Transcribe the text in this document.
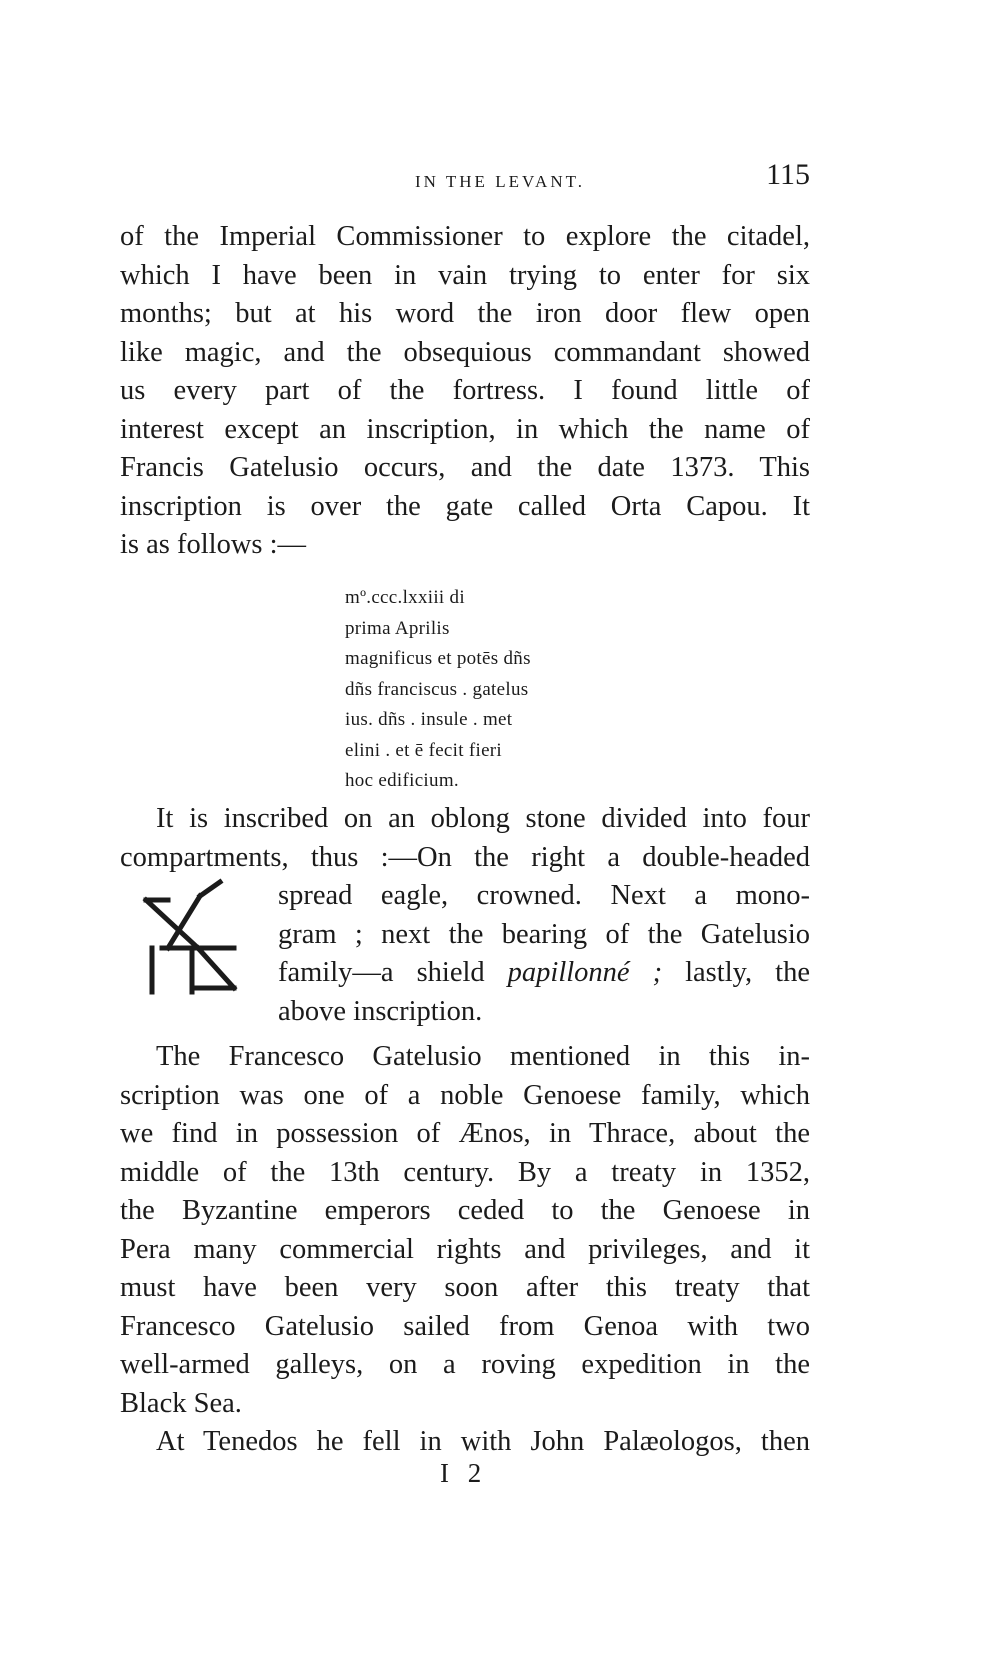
IN THE LEVANT.	115
of the Imperial Commissioner to explore the citadel,
which I have been in vain trying to enter for six
months; but at his word the iron door flew open
like magic, and the obsequious commandant showed
us every part of the fortress. I found little of
interest except an inscription, in which the name of
Francis Gatelusio occurs, and the date 1373. This
inscription is over the gate called Orta Capou. It
is as follows :—
mº.ccc.lxxiii di
prima Aprilis
magnificus et potēs dñs
dñs franciscus . gatelus
ius. dñs . insule . met
elini . et ē fecit fieri
hoc edificium.
It is inscribed on an oblong stone divided into four
compartments, thus :—On the right a double-headed
spread eagle, crowned. Next a mono-
gram ; next the bearing of the Gatelusio
family—a shield papillonné ; lastly, the
above inscription.
The Francesco Gatelusio mentioned in this in-
scription was one of a noble Genoese family, which
we find in possession of Ænos, in Thrace, about the
middle of the 13th century. By a treaty in 1352,
the Byzantine emperors ceded to the Genoese in
Pera many commercial rights and privileges, and it
must have been very soon after this treaty that
Francesco Gatelusio sailed from Genoa with two
well-armed galleys, on a roving expedition in the
Black Sea.
At Tenedos he fell in with John Palæologos, then
I 2
